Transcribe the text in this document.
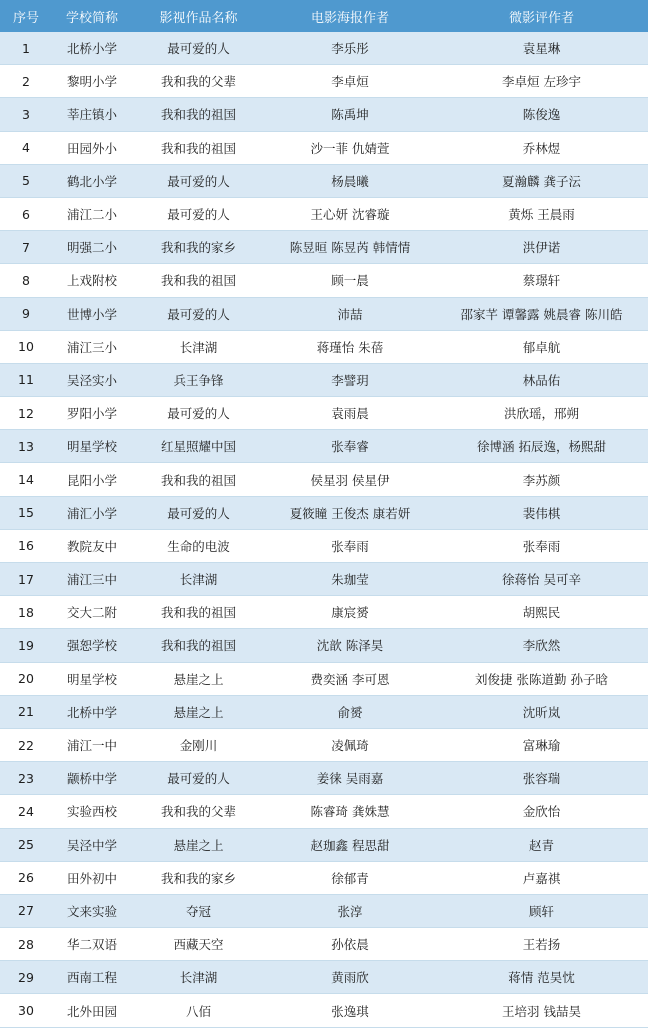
序号	学校简称	影视作品名称	电影海报作者	微影评作者
1	北桥小学	最可爱的人	李乐彤	袁星琳
2	黎明小学	我和我的父辈	李卓烜	李卓烜 左珍宇
3	莘庄镇小	我和我的祖国	陈禹坤	陈俊逸
4	田园外小	我和我的祖国	沙一菲 仇婧萱	乔林煜
5	鹤北小学	最可爱的人	杨晨曦	夏瀚麟 龚子沄
6	浦江二小	最可爱的人	王心妍 沈睿璇	黄烁 王晨雨
7	明强二小	我和我的家乡	陈昱晅 陈昱芮 韩情情	洪伊诺
8	上戏附校	我和我的祖国	顾一晨	蔡璟轩
9	世博小学	最可爱的人	沛喆	邵家芊 谭馨露 姚晨睿 陈川皓
10	浦江三小	长津湖	蒋瑾怡 朱蓓	郁卓航
11	吴泾实小	兵王争锋	李譬玥	林品佑
12	罗阳小学	最可爱的人	袁雨晨	洪欣瑶，邢朔
13	明星学校	红星照耀中国	张奉睿	徐博涵 拓辰逸，杨熙甜
14	昆阳小学	我和我的祖国	侯星羽 侯星伊	李苏颜
15	浦汇小学	最可爱的人	夏筱瞳 王俊杰 康若妍	裴伟棋
16	教院友中	生命的电波	张奉雨	张奉雨
17	浦江三中	长津湖	朱珈莹	徐蒋怡 吴可辛
18	交大二附	我和我的祖国	康宸赟	胡熙民
19	强恕学校	我和我的祖国	沈歆 陈泽昊	李欣然
20	明星学校	悬崖之上	费奕涵 李可恩	刘俊捷 张陈道勤 孙子晗
21	北桥中学	悬崖之上	俞赟	沈昕岚
22	浦江一中	金刚川	凌佩琦	富琳瑜
23	颛桥中学	最可爱的人	姜徕 吴雨嘉	张容瑞
24	实验西校	我和我的父辈	陈睿琦 龚姝慧	金欣怡
25	吴泾中学	悬崖之上	赵珈鑫 程思甜	赵青
26	田外初中	我和我的家乡	徐郁青	卢嘉祺
27	文来实验	夺冠	张淳	顾轩
28	华二双语	西藏天空	孙依晨	王若扬
29	西南工程	长津湖	黄雨欣	蒋情 范昊忱
30	北外田园	八佰	张逸琪	王培羽 钱喆昊
